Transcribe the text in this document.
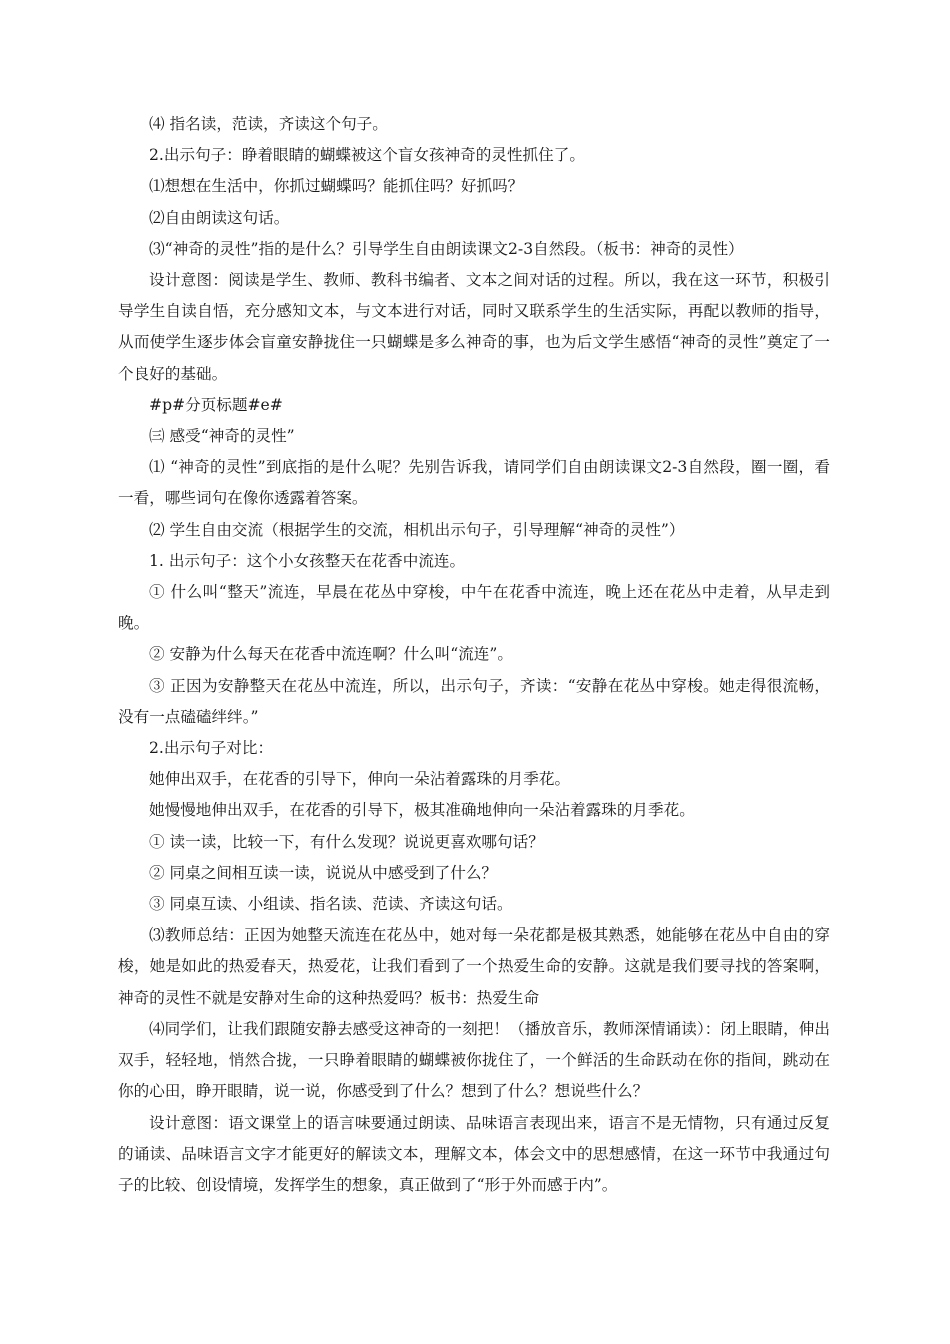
⑷ 指名读，范读，齐读这个句子。

2.出示句子：睁着眼睛的蝴蝶被这个盲女孩神奇的灵性抓住了。

⑴想想在生活中，你抓过蝴蝶吗？能抓住吗？好抓吗？

⑵自由朗读这句话。

⑶“神奇的灵性”指的是什么？引导学生自由朗读课文2-3自然段。（板书：神奇的灵性）

设计意图：阅读是学生、教师、教科书编者、文本之间对话的过程。所以，我在这一环节，积极引导学生自读自悟，充分感知文本，与文本进行对话，同时又联系学生的生活实际，再配以教师的指导，从而使学生逐步体会盲童安静拢住一只蝴蝶是多么神奇的事，也为后文学生感悟“神奇的灵性”奠定了一个良好的基础。

#p#分页标题#e#

㈢ 感受“神奇的灵性”

⑴ “神奇的灵性”到底指的是什么呢？先别告诉我，请同学们自由朗读课文2-3自然段，圈一圈，看一看，哪些词句在像你透露着答案。

⑵ 学生自由交流（根据学生的交流，相机出示句子，引导理解“神奇的灵性”）

1. 出示句子：这个小女孩整天在花香中流连。

① 什么叫“整天”流连，早晨在花丛中穿梭，中午在花香中流连，晚上还在花丛中走着，从早走到晚。

② 安静为什么每天在花香中流连啊？什么叫“流连”。

③ 正因为安静整天在花丛中流连，所以，出示句子，齐读：“安静在花丛中穿梭。她走得很流畅，没有一点磕磕绊绊。”

2.出示句子对比：

她伸出双手，在花香的引导下，伸向一朵沾着露珠的月季花。

她慢慢地伸出双手，在花香的引导下，极其准确地伸向一朵沾着露珠的月季花。

① 读一读，比较一下，有什么发现？说说更喜欢哪句话？

② 同桌之间相互读一读，说说从中感受到了什么？

③ 同桌互读、小组读、指名读、范读、齐读这句话。

⑶教师总结：正因为她整天流连在花丛中，她对每一朵花都是极其熟悉，她能够在花丛中自由的穿梭，她是如此的热爱春天，热爱花，让我们看到了一个热爱生命的安静。这就是我们要寻找的答案啊，神奇的灵性不就是安静对生命的这种热爱吗？板书：热爱生命

⑷同学们，让我们跟随安静去感受这神奇的一刻把！（播放音乐，教师深情诵读）：闭上眼睛，伸出双手，轻轻地，悄然合拢，一只睁着眼睛的蝴蝶被你拢住了，一个鲜活的生命跃动在你的指间，跳动在你的心田，睁开眼睛，说一说，你感受到了什么？想到了什么？想说些什么？

设计意图：语文课堂上的语言味要通过朗读、品味语言表现出来，语言不是无情物，只有通过反复的诵读、品味语言文字才能更好的解读文本，理解文本，体会文中的思想感情，在这一环节中我通过句子的比较、创设情境，发挥学生的想象，真正做到了“形于外而感于内”。
